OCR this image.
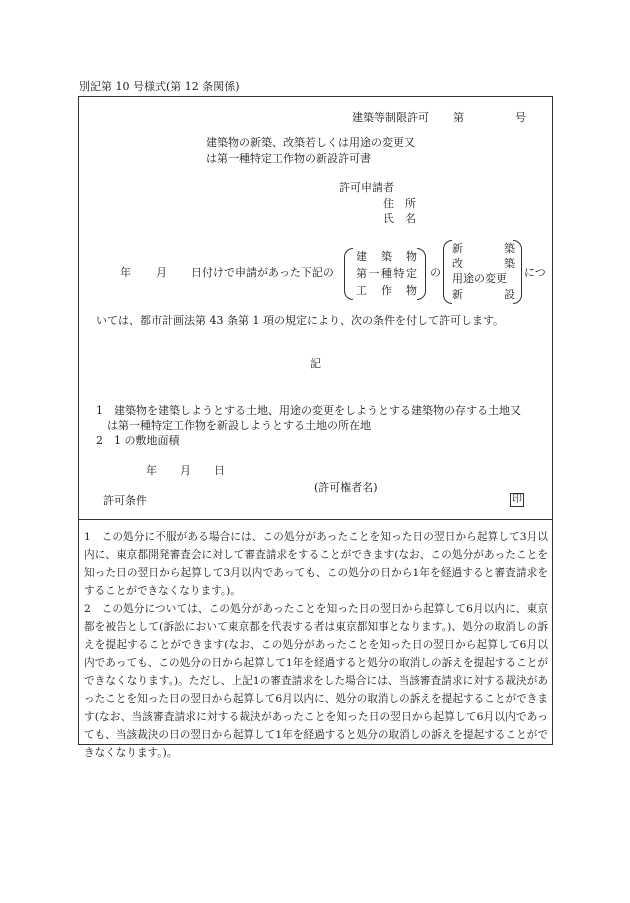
別記第 10 号様式(第 12 条関係)
建築等制限許可 第	号
建築物の新築、改築若しくは用途の変更又
は第一種特定工作物の新設許可書
許可申請者
住　所
氏　名
年 月 日付けで申請があった下記の
建 築 物
第 一 種 特 定
工 作 物
の
新	築
改	築
用途の変更
新	設
につ
いては、都市計画法第 43 条第 1 項の規定により、次の条件を付して許可します。
記
1　建築物を建築しようとする土地、用途の変更をしようとする建築物の存する土地又
は第一種特定工作物を新設しようとする土地の所在地
2　1 の敷地面積
年 月 日
(許可権者名)
許可条件	印
1　この処分に不服がある場合には、この処分があったことを知った日の翌日から起算して3月以内に、東京都開発審査会に対して審査請求をすることができます(なお、この処分があったことを知った日の翌日から起算して3月以内であっても、この処分の日から1年を経過すると審査請求をすることができなくなります。)。
2　この処分については、この処分があったことを知った日の翌日から起算して6月以内に、東京都を被告として(訴訟において東京都を代表する者は東京都知事となります。)、処分の取消しの訴えを提起することができます(なお、この処分があったことを知った日の翌日から起算して6月以内であっても、この処分の日から起算して1年を経過すると処分の取消しの訴えを提起することができなくなります。)。ただし、上記1の審査請求をした場合には、当該審査請求に対する裁決があったことを知った日の翌日から起算して6月以内に、処分の取消しの訴えを提起することができます(なお、当該審査請求に対する裁決があったことを知った日の翌日から起算して6月以内であっても、当該裁決の日の翌日から起算して1年を経過すると処分の取消しの訴えを提起することができなくなります。)。
